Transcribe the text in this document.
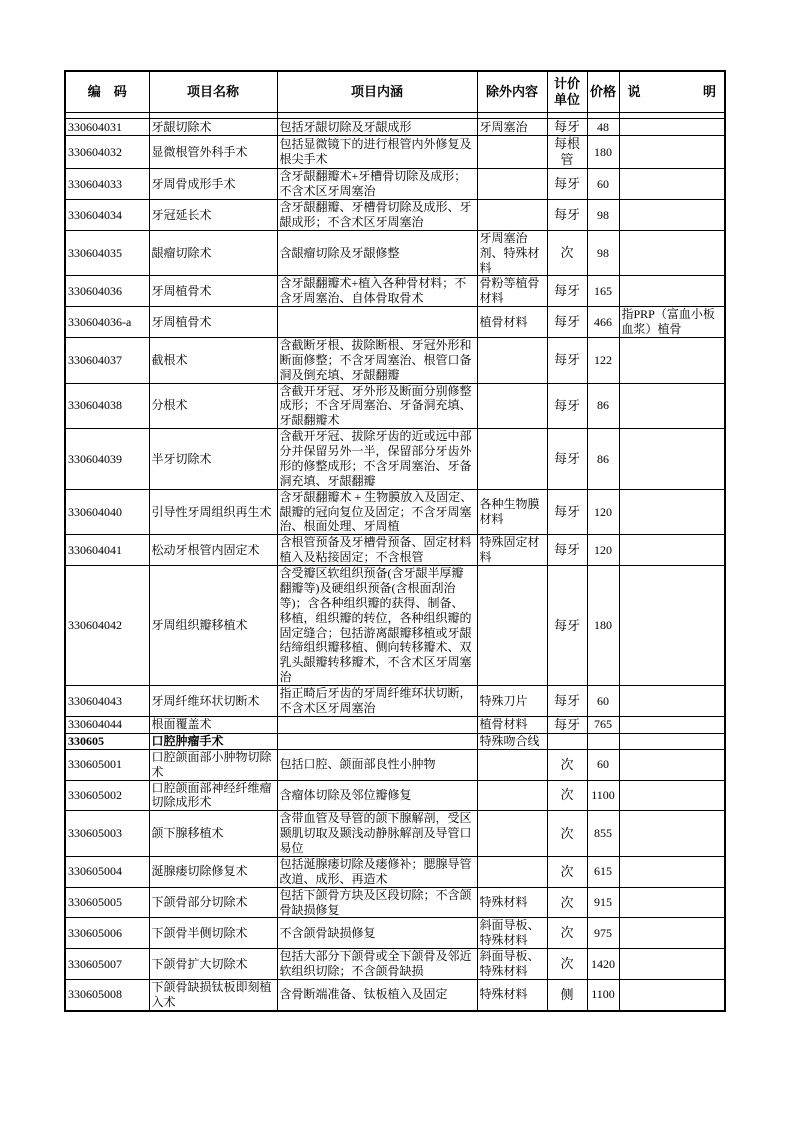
编　码	项目名称	项目内涵	除外内容	计价单位	价格	说明

330604031	牙龈切除术	包括牙龈切除及牙龈成形	牙周塞治	每牙	48	
330604032	显微根管外科手术	包括显微镜下的进行根管内外修复及 根尖手术		每根管	180	
330604033	牙周骨成形手术	含牙龈翻瓣术+牙槽骨切除及成形；不含术区牙周塞治		每牙	60	
330604034	牙冠延长术	含牙龈翻瓣、牙槽骨切除及成形、牙龈成形；不含术区牙周塞治		每牙	98	
330604035	龈瘤切除术	含龈瘤切除及牙龈修整	牙周塞治剂、特殊材料	次	98	
330604036	牙周植骨术	含牙龈翻瓣术+植入各种骨材料；不含牙周塞治、自体骨取骨术	骨粉等植骨材料	每牙	165	
330604036-a	牙周植骨术		植骨材料	每牙	466	指PRP（富血小板血浆）植骨
330604037	截根术	含截断牙根、拔除断根、牙冠外形和断面修整；不含牙周塞治、根管口备洞及倒充填、牙龈翻瓣		每牙	122	
330604038	分根术	含截开牙冠、牙外形及断面分别修整成形；不含牙周塞治、牙备洞充填、牙龈翻瓣术		每牙	86	
330604039	半牙切除术	含截开牙冠、拔除牙齿的近或远中部分并保留另外一半，保留部分牙齿外形的修整成形；不含牙周塞治、牙备洞充填、牙龈翻瓣		每牙	86	
330604040	引导性牙周组织再生术	含牙龈翻瓣术 + 生物膜放入及固定、龈瓣的冠向复位及固定；不含牙周塞治、根面处理、牙周植	各种生物膜材料	每牙	120	
330604041	松动牙根管内固定术	含根管预备及牙槽骨预备、固定材料植入及粘接固定；不含根管	特殊固定材料	每牙	120	
330604042	牙周组织瓣移植术	含受瓣区软组织预备(含牙龈半厚瓣翻瓣等)及硬组织预备(含根面刮治等)；含各种组织瓣的获得、制备、移植，组织瓣的转位，各种组织瓣的固定缝合；包括游离龈瓣移植或牙龈结缔组织瓣移植、侧向转移瓣术、双乳头龈瓣转移瓣术，不含术区牙周塞治		每牙	180	
330604043	牙周纤维环状切断术	指正畸后牙齿的牙周纤维环状切断，不含术区牙周塞治	特殊刀片	每牙	60	
330604044	根面覆盖术		植骨材料	每牙	765	
330605	口腔肿瘤手术		特殊吻合线			
330605001	口腔颌面部小肿物切除术	包括口腔、颌面部良性小肿物		次	60	
330605002	口腔颌面部神经纤维瘤切除成形术	含瘤体切除及邻位瓣修复		次	1100	
330605003	颌下腺移植术	含带血管及导管的颌下腺解剖，受区颞肌切取及颞浅动静脉解剖及导管口易位		次	855	
330605004	涎腺瘘切除修复术	包括涎腺瘘切除及瘘修补；腮腺导管改道、成形、再造术		次	615	
330605005	下颌骨部分切除术	包括下颌骨方块及区段切除；不含颌骨缺损修复	特殊材料	次	915	
330605006	下颌骨半侧切除术	不含颌骨缺损修复	斜面导板、特殊材料	次	975	
330605007	下颌骨扩大切除术	包括大部分下颌骨或全下颌骨及邻近软组织切除；不含颌骨缺损	斜面导板、特殊材料	次	1420	
330605008	下颌骨缺损钛板即刻植入术	含骨断端准备、钛板植入及固定	特殊材料	侧	1100	
